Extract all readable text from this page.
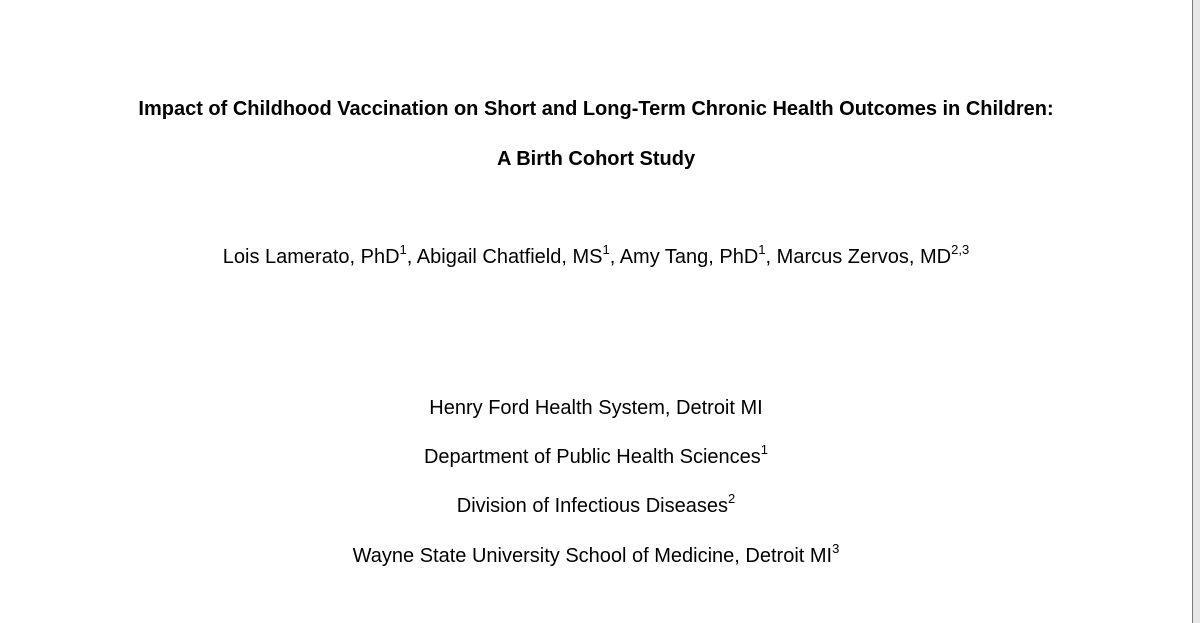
Impact of Childhood Vaccination on Short and Long-Term Chronic Health Outcomes in Children:
A Birth Cohort Study
Lois Lamerato, PhD$^1$, Abigail Chatfield, $MS^1$, Amy Tang, PhD$^1$, Marcus Zervos, MD$^{2,3}$
Henry Ford Health System, Detroit MI
Department of Public Health Sciences$^1$
Division of Infectious Diseases$^2$
Wayne State University School of Medicine, Detroit $MI^3$
